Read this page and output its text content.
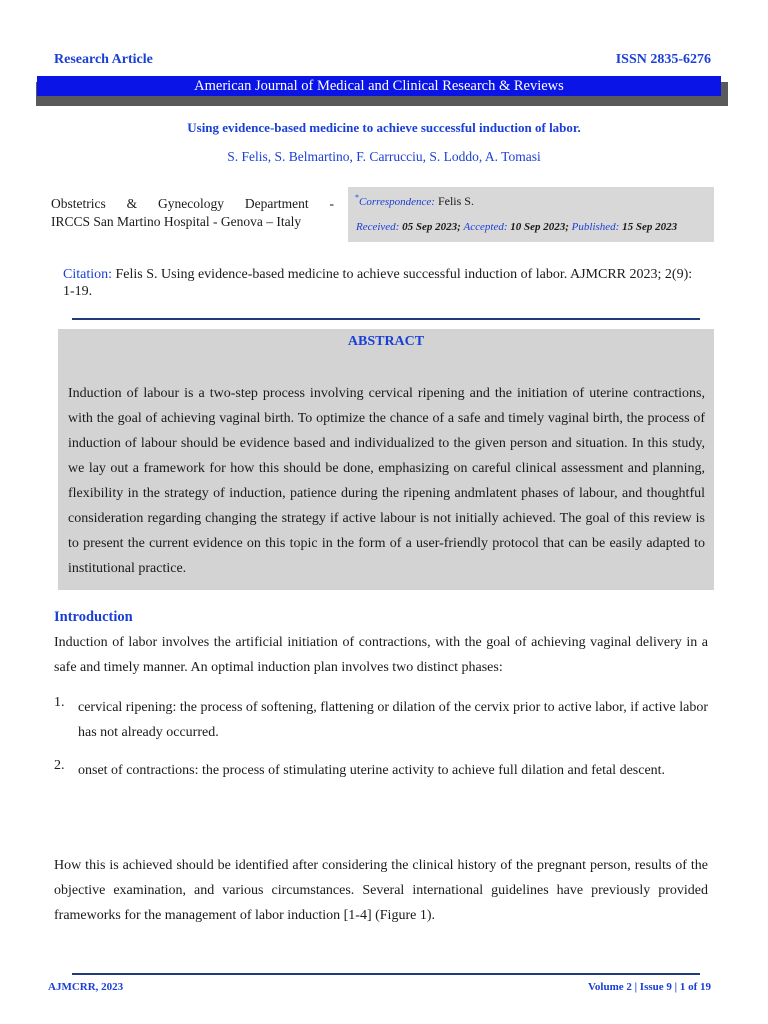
Research Article	ISSN 2835-6276
American Journal of Medical and Clinical Research & Reviews
Using evidence-based medicine to achieve successful induction of labor.
S. Felis, S. Belmartino, F. Carrucciu, S. Loddo, A. Tomasi
Obstetrics & Gynecology Department -
IRCCS San Martino Hospital - Genova – Italy
*Correspondence: Felis S.
Received: 05 Sep 2023; Accepted: 10 Sep 2023; Published: 15 Sep 2023
Citation: Felis S. Using evidence-based medicine to achieve successful induction of labor. AJMCRR 2023; 2(9): 1-19.
ABSTRACT
Induction of labour is a two-step process involving cervical ripening and the initiation of uterine contractions, with the goal of achieving vaginal birth. To optimize the chance of a safe and timely vaginal birth, the process of induction of labour should be evidence based and individualized to the given person and situation. In this study, we lay out a framework for how this should be done, emphasizing on careful clinical assessment and planning, flexibility in the strategy of induction, patience during the ripening andmlatent phases of labour, and thoughtful consideration regarding changing the strategy if active labour is not initially achieved. The goal of this review is to present the current evidence on this topic in the form of a user-friendly protocol that can be easily adapted to institutional practice.
Introduction
Induction of labor involves the artificial initiation of contractions, with the goal of achieving vaginal delivery in a safe and timely manner. An optimal induction plan involves two distinct phases:
1. cervical ripening: the process of softening, flattening or dilation of the cervix prior to active labor, if active labor has not already occurred.
2. onset of contractions: the process of stimulating uterine activity to achieve full dilation and fetal descent.
How this is achieved should be identified after considering the clinical history of the pregnant person, results of the objective examination, and various circumstances. Several international guidelines have previously provided frameworks for the management of labor induction [1-4] (Figure 1).
AJMCRR, 2023	Volume 2 | Issue 9 | 1 of 19
